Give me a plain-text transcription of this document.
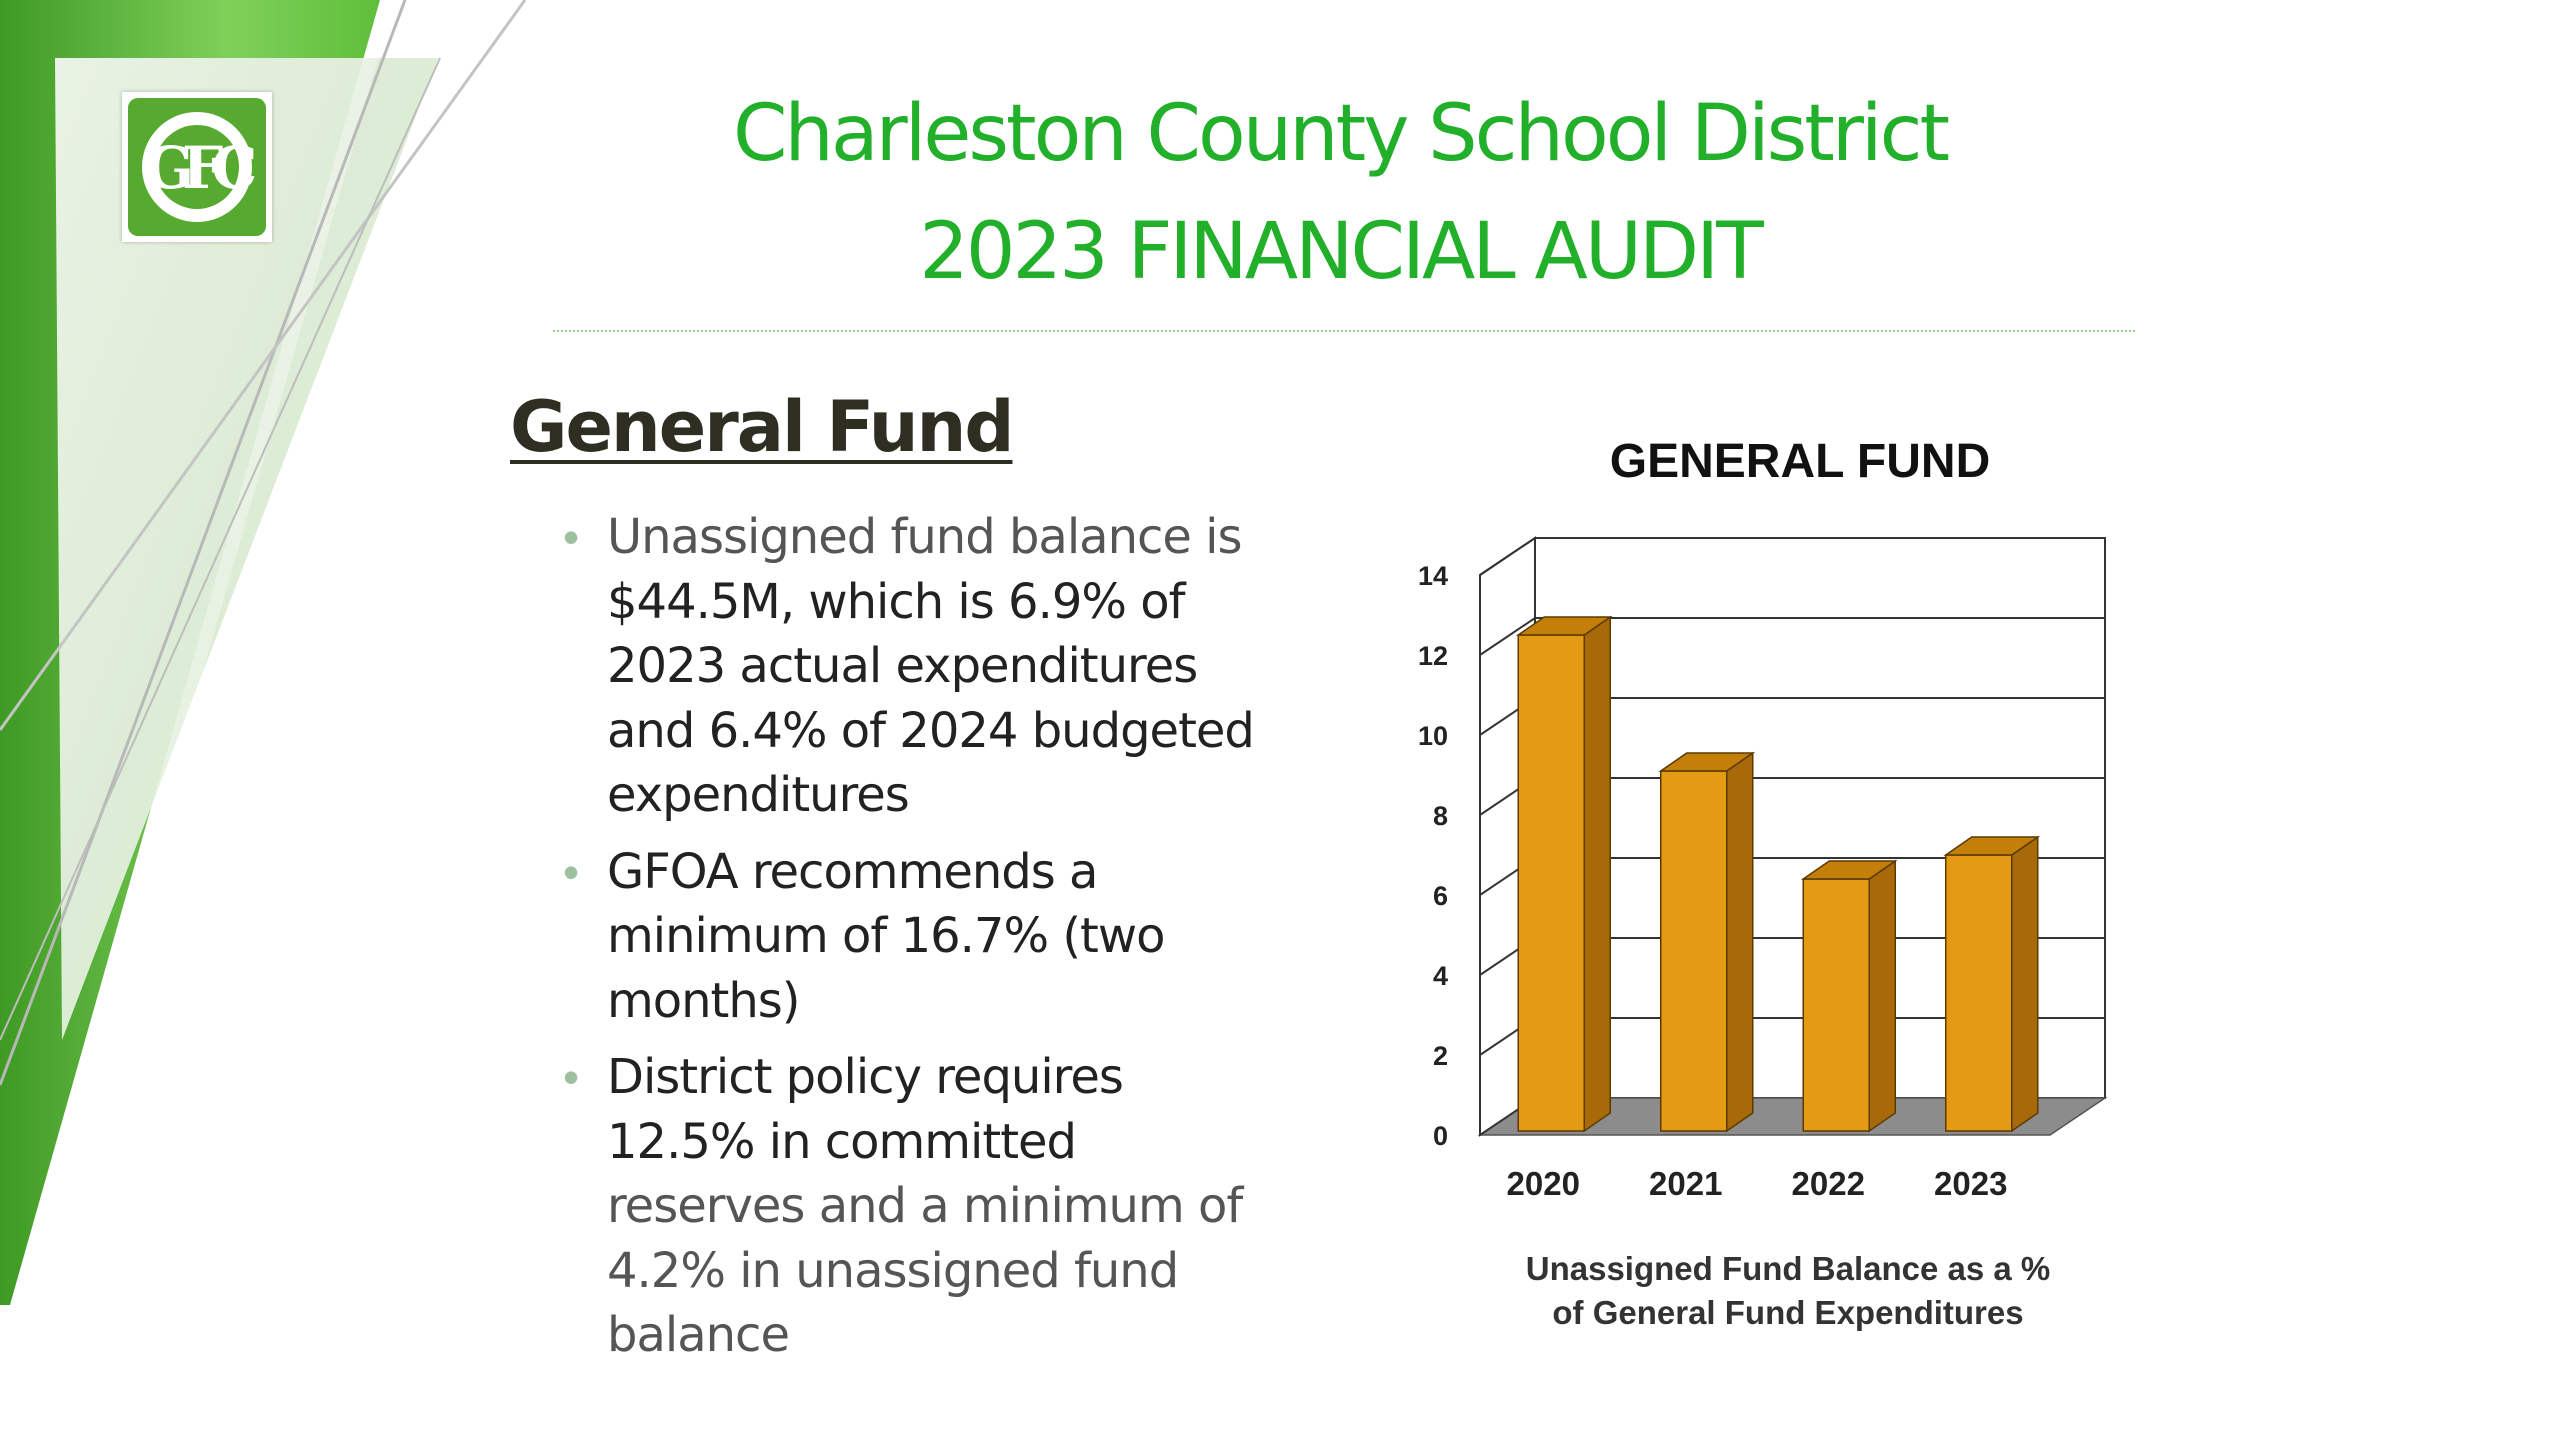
GFC	Charleston County School District
2023 FINANCIAL AUDIT
General Fund
• Unassigned fund balance is
$44.5M, which is 6.9% of
2023 actual expenditures
and 6.4% of 2024 budgeted
expenditures
• GFOA recommends a
minimum of 16.7% (two
months)
• District policy requires
12.5% in committed
reserves and a minimum of
4.2% in unassigned fund
balance
GENERAL FUND
0
2
4
6
8
10
12
14
2020 2021 2022 2023
Unassigned Fund Balance as a %
of General Fund Expenditures
